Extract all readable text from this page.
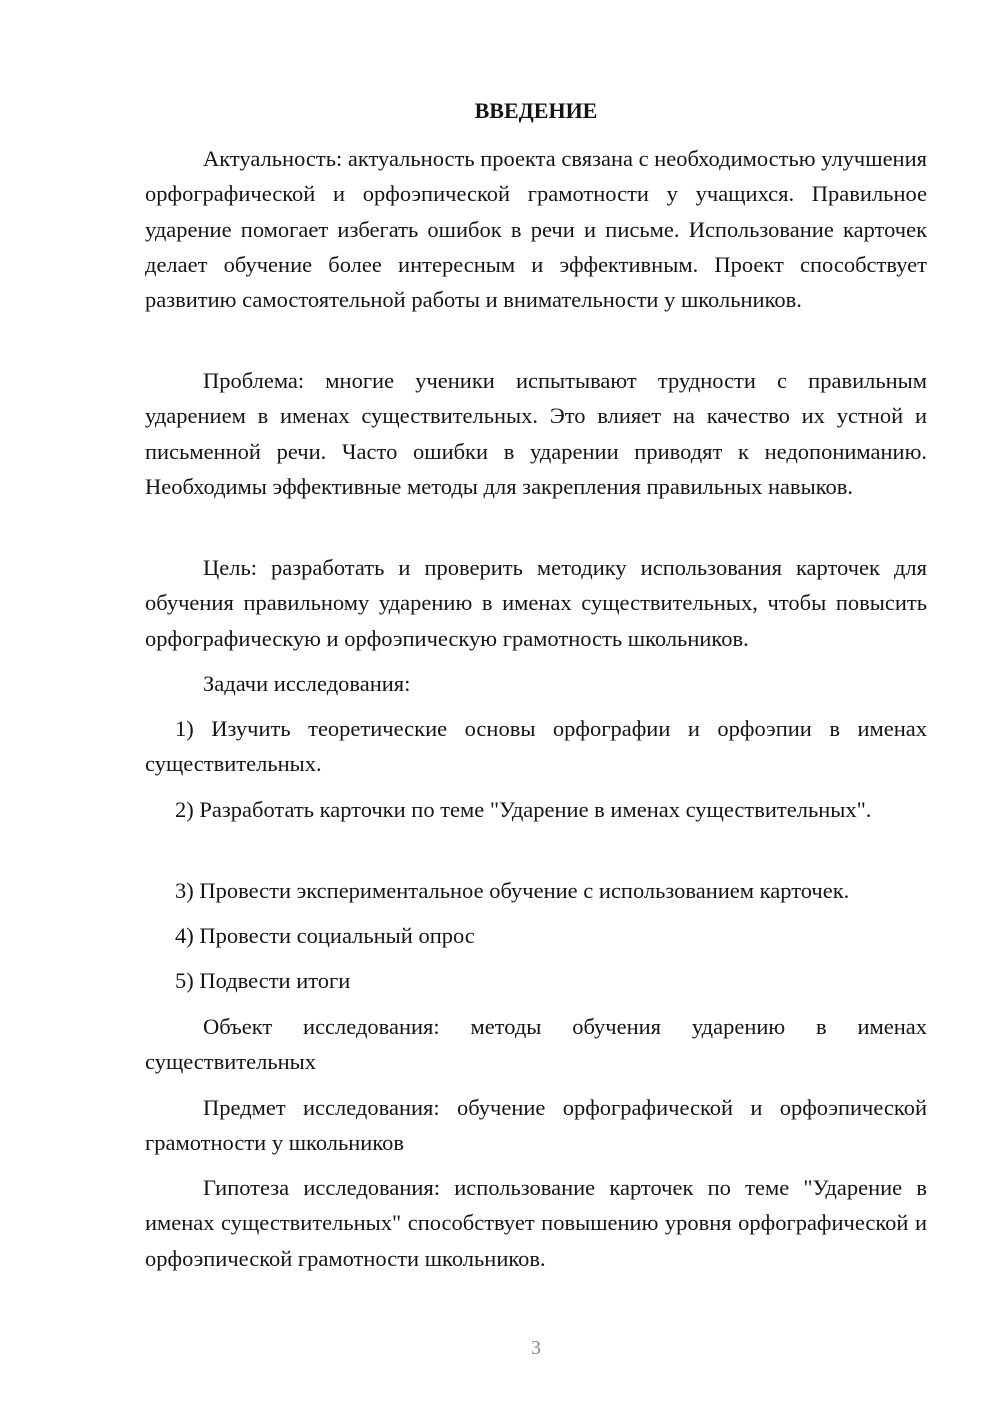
ВВЕДЕНИЕ

Актуальность: актуальность проекта связана с необходимостью улучшения орфографической и орфоэпической грамотности у учащихся. Правильное ударение помогает избегать ошибок в речи и письме. Использование карточек делает обучение более интересным и эффективным. Проект способствует развитию самостоятельной работы и внимательности у школьников.

Проблема: многие ученики испытывают трудности с правильным ударением в именах существительных. Это влияет на качество их устной и письменной речи. Часто ошибки в ударении приводят к недопониманию. Необходимы эффективные методы для закрепления правильных навыков.

Цель: разработать и проверить методику использования карточек для обучения правильному ударению в именах существительных, чтобы повысить орфографическую и орфоэпическую грамотность школьников.

Задачи исследования:

1) Изучить теоретические основы орфографии и орфоэпии в именах существительных.

2) Разработать карточки по теме "Ударение в именах существительных".

3) Провести экспериментальное обучение с использованием карточек.

4) Провести социальный опрос

5) Подвести итоги

Объект исследования: методы обучения ударению в именах существительных

Предмет исследования: обучение орфографической и орфоэпической грамотности у школьников

Гипотеза исследования: использование карточек по теме "Ударение в именах существительных" способствует повышению уровня орфографической и орфоэпической грамотности школьников.

3
